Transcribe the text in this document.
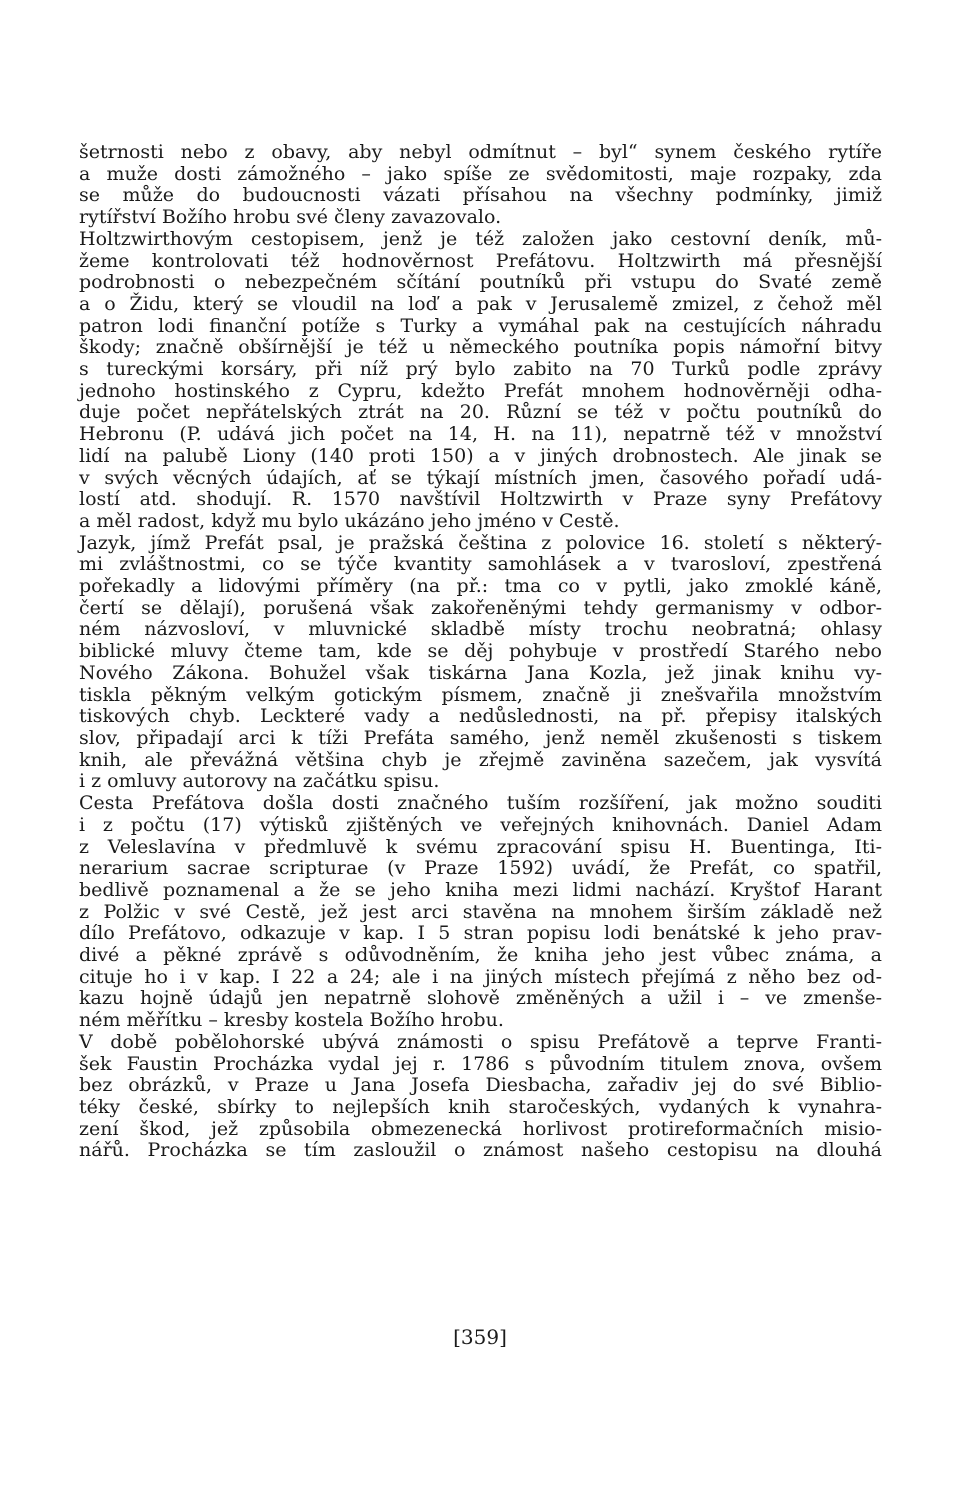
šetrnosti nebo z obavy, aby nebyl odmítnut – byl“ synem českého rytíře
a muže dosti zámožného – jako spíše ze svědomitosti, maje rozpaky, zda
se může do budoucnosti vázati přísahou na všechny podmínky, jimiž
rytířství Božího hrobu své členy zavazovalo.
Holtzwirthovým cestopisem, jenž je též založen jako cestovní deník, mů-
žeme kontrolovati též hodnověrnost Prefátovu. Holtzwirth má přesnější
podrobnosti o nebezpečném sčítání poutníků při vstupu do Svaté země
a o Židu, který se vloudil na loď a pak v Jerusalemě zmizel, z čehož měl
patron lodi finanční potíže s Turky a vymáhal pak na cestujících náhradu
škody; značně obšírnější je též u německého poutníka popis námořní bitvy
s tureckými korsáry, při níž prý bylo zabito na 70 Turků podle zprávy
jednoho hostinského z Cypru, kdežto Prefát mnohem hodnověrněji odha-
duje počet nepřátelských ztrát na 20. Různí se též v počtu poutníků do
Hebronu (P. udává jich počet na 14, H. na 11), nepatrně též v množství
lidí na palubě Liony (140 proti 150) a v jiných drobnostech. Ale jinak se
v svých věcných údajích, ať se týkají místních jmen, časového pořadí udá-
lostí atd. shodují. R. 1570 navštívil Holtzwirth v Praze syny Prefátovy
a měl radost, když mu bylo ukázáno jeho jméno v Cestě.
Jazyk, jímž Prefát psal, je pražská čeština z polovice 16. století s některý-
mi zvláštnostmi, co se týče kvantity samohlásek a v tvarosloví, zpestřená
pořekadly a lidovými příměry (na př.: tma co v pytli, jako zmoklé káně,
čertí se dělají), porušená však zakořeněnými tehdy germanismy v odbor-
ném názvosloví, v mluvnické skladbě místy trochu neobratná; ohlasy
biblické mluvy čteme tam, kde se děj pohybuje v prostředí Starého nebo
Nového Zákona. Bohužel však tiskárna Jana Kozla, jež jinak knihu vy-
tiskla pěkným velkým gotickým písmem, značně ji znešvařila množstvím
tiskových chyb. Leckteré vady a nedůslednosti, na př. přepisy italských
slov, připadají arci k tíži Prefáta samého, jenž neměl zkušenosti s tiskem
knih, ale převážná většina chyb je zřejmě zaviněna sazečem, jak vysvítá
i z omluvy autorovy na začátku spisu.
Cesta Prefátova došla dosti značného tuším rozšíření, jak možno souditi
i z počtu (17) výtisků zjištěných ve veřejných knihovnách. Daniel Adam
z Veleslavína v předmluvě k svému zpracování spisu H. Buentinga, Iti-
nerarium sacrae scripturae (v Praze 1592) uvádí, že Prefát, co spatřil,
bedlivě poznamenal a že se jeho kniha mezi lidmi nachází. Kryštof Harant
z Polžic v své Cestě, jež jest arci stavěna na mnohem širším základě než
dílo Prefátovo, odkazuje v kap. I 5 stran popisu lodi benátské k jeho prav-
divé a pěkné zprávě s odůvodněním, že kniha jeho jest vůbec známa, a
cituje ho i v kap. I 22 a 24; ale i na jiných místech přejímá z něho bez od-
kazu hojně údajů jen nepatrně slohově změněných a užil i – ve zmenše-
ném měřítku – kresby kostela Božího hrobu.
V době pobělohorské ubývá známosti o spisu Prefátově a teprve Franti-
šek Faustin Procházka vydal jej r. 1786 s původním titulem znova, ovšem
bez obrázků, v Praze u Jana Josefa Diesbacha, zařadiv jej do své Biblio-
téky české, sbírky to nejlepších knih staročeských, vydaných k vynahra-
zení škod, jež způsobila obmezenecká horlivost protireformačních misio-
nářů. Procházka se tím zasloužil o známost našeho cestopisu na dlouhá
[359]
